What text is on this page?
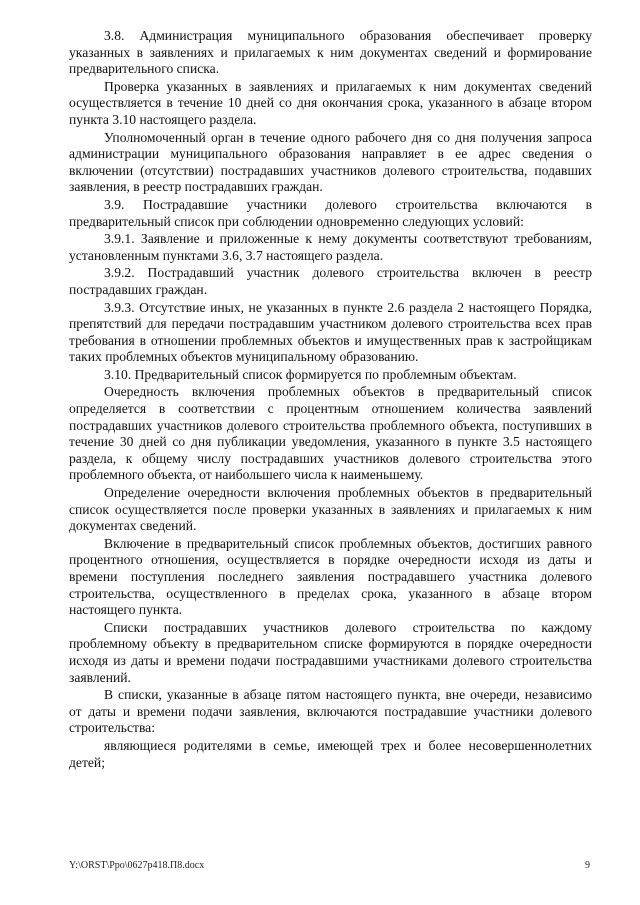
3.8. Администрация муниципального образования обеспечивает проверку указанных в заявлениях и прилагаемых к ним документах сведений и формирование предварительного списка.

Проверка указанных в заявлениях и прилагаемых к ним документах сведений осуществляется в течение 10 дней со дня окончания срока, указанного в абзаце втором пункта 3.10 настоящего раздела.

Уполномоченный орган в течение одного рабочего дня со дня получения запроса администрации муниципального образования направляет в ее адрес сведения о включении (отсутствии) пострадавших участников долевого строительства, подавших заявления, в реестр пострадавших граждан.

3.9. Пострадавшие участники долевого строительства включаются в предварительный список при соблюдении одновременно следующих условий:

3.9.1. Заявление и приложенные к нему документы соответствуют требованиям, установленным пунктами 3.6, 3.7 настоящего раздела.

3.9.2. Пострадавший участник долевого строительства включен в реестр пострадавших граждан.

3.9.3. Отсутствие иных, не указанных в пункте 2.6 раздела 2 настоящего Порядка, препятствий для передачи пострадавшим участником долевого строительства всех прав требования в отношении проблемных объектов и имущественных прав к застройщикам таких проблемных объектов муниципальному образованию.

3.10. Предварительный список формируется по проблемным объектам.

Очередность включения проблемных объектов в предварительный список определяется в соответствии с процентным отношением количества заявлений пострадавших участников долевого строительства проблемного объекта, поступивших в течение 30 дней со дня публикации уведомления, указанного в пункте 3.5 настоящего раздела, к общему числу пострадавших участников долевого строительства этого проблемного объекта, от наибольшего числа к наименьшему.

Определение очередности включения проблемных объектов в предварительный список осуществляется после проверки указанных в заявлениях и прилагаемых к ним документах сведений.

Включение в предварительный список проблемных объектов, достигших равного процентного отношения, осуществляется в порядке очередности исходя из даты и времени поступления последнего заявления пострадавшего участника долевого строительства, осуществленного в пределах срока, указанного в абзаце втором настоящего пункта.

Списки пострадавших участников долевого строительства по каждому проблемному объекту в предварительном списке формируются в порядке очередности исходя из даты и времени подачи пострадавшими участниками долевого строительства заявлений.

В списки, указанные в абзаце пятом настоящего пункта, вне очереди, независимо от даты и времени подачи заявления, включаются пострадавшие участники долевого строительства:

являющиеся родителями в семье, имеющей трех и более несовершеннолетних детей;

Y:\ORST\Ppo\0627p418.П8.docx	9
